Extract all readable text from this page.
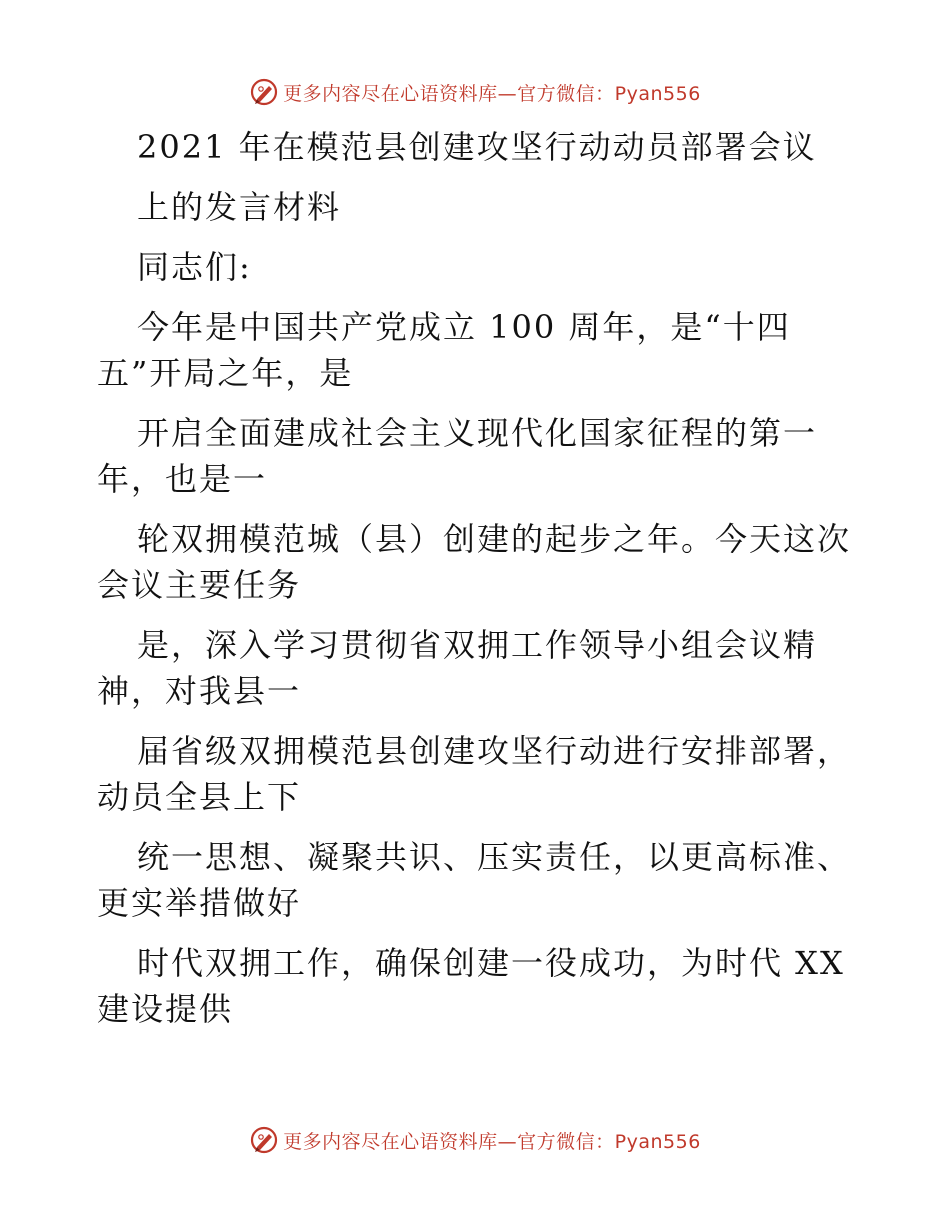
更多内容尽在心语资料库—官方微信：Pyan556
2021 年在模范县创建攻坚行动动员部署会议
上的发言材料
同志们:
今年是中国共产党成立 100 周年，是“十四
五”开局之年，是
开启全面建成社会主义现代化国家征程的第一
年，也是一
轮双拥模范城（县）创建的起步之年。今天这次
会议主要任务
是，深入学习贯彻省双拥工作领导小组会议精
神，对我县一
届省级双拥模范县创建攻坚行动进行安排部署，
动员全县上下
统一思想、凝聚共识、压实责任，以更高标准、
更实举措做好
时代双拥工作，确保创建一役成功，为时代 XX
建设提供
更多内容尽在心语资料库—官方微信：Pyan556
